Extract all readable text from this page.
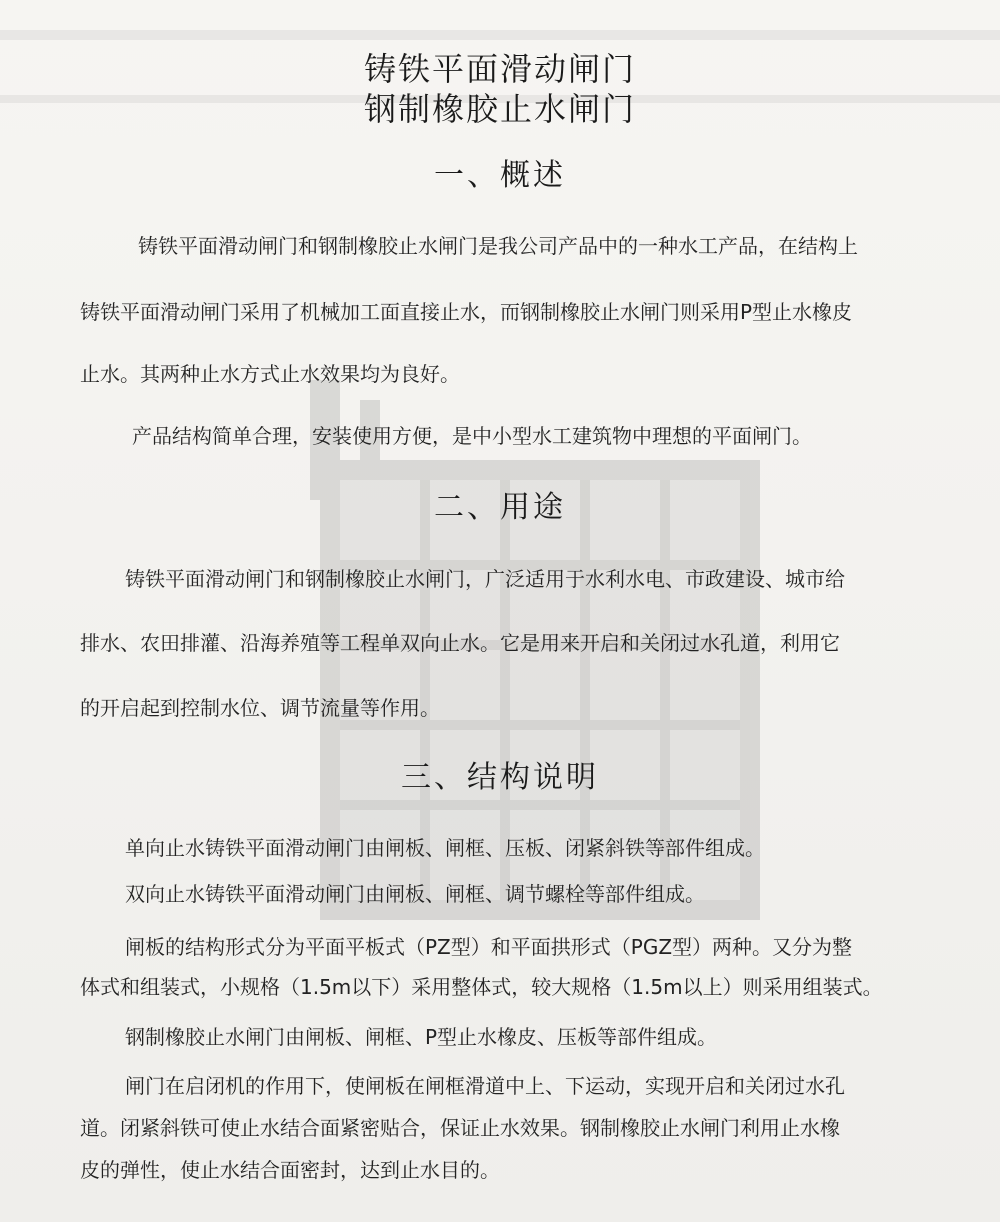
铸铁平面滑动闸门
钢制橡胶止水闸门
一、概述
铸铁平面滑动闸门和钢制橡胶止水闸门是我公司产品中的一种水工产品，在结构上
铸铁平面滑动闸门采用了机械加工面直接止水，而钢制橡胶止水闸门则采用P型止水橡皮
止水。其两种止水方式止水效果均为良好。
产品结构简单合理，安装使用方便，是中小型水工建筑物中理想的平面闸门。
二、用途
铸铁平面滑动闸门和钢制橡胶止水闸门，广泛适用于水利水电、市政建设、城市给
排水、农田排灌、沿海养殖等工程单双向止水。它是用来开启和关闭过水孔道，利用它
的开启起到控制水位、调节流量等作用。
三、结构说明
单向止水铸铁平面滑动闸门由闸板、闸框、压板、闭紧斜铁等部件组成。
双向止水铸铁平面滑动闸门由闸板、闸框、调节螺栓等部件组成。
闸板的结构形式分为平面平板式（PZ型）和平面拱形式（PGZ型）两种。又分为整
体式和组装式，小规格（1.5m以下）采用整体式，较大规格（1.5m以上）则采用组装式。
钢制橡胶止水闸门由闸板、闸框、P型止水橡皮、压板等部件组成。
闸门在启闭机的作用下，使闸板在闸框滑道中上、下运动，实现开启和关闭过水孔
道。闭紧斜铁可使止水结合面紧密贴合，保证止水效果。钢制橡胶止水闸门利用止水橡
皮的弹性，使止水结合面密封，达到止水目的。
